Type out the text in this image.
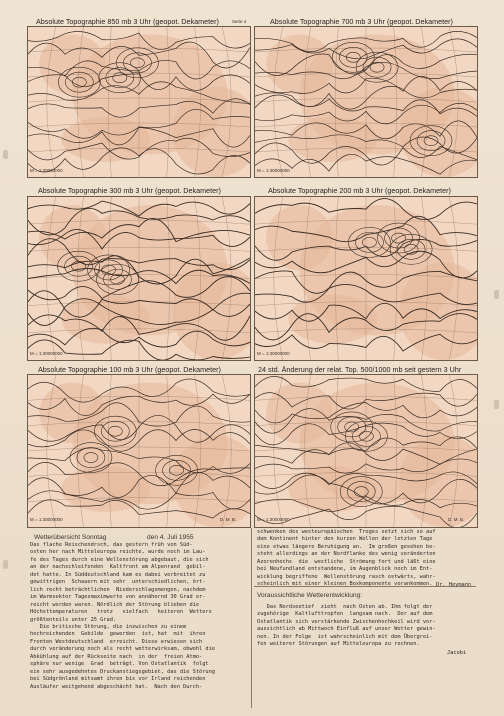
Absolute Topographie 850 mb 3 Uhr (geopot. Dekameter)	Serie 4
M = 1:30000000
Absolute Topographie 700 mb 3 Uhr (geopot. Dekameter)
M = 1:30000000
Absolute Topographie 300 mb 3 Uhr (geopot. Dekameter)
M = 1:30000000
Absolute Topographie 200 mb 3 Uhr (geopot. Dekameter)
M = 1:30000000
Absolute Topographie 100 mb 3 Uhr (geopot. Dekameter)
M = 1:30000000	D. M. B.
24 std. Änderung der relat. Top. 500/1000 mb seit gestern 3 Uhr
M = 1:30000000	D. M. B.
Wetterübersicht Sonntag	den 4. Juli 1955
Das flache Reischendrsch, das gestern früh von Süd-
osten her nach Mitteleuropa reichte, wurde noch im Lau-
fe des Tages durch eine Wellenstörung abgebaut, die sich
an der nachschleifenden  Kaltfront am Alpenrand  gebil-
det hatte. In Süddeutschland kam es dabei verbreitet zu
gewittrigen  Schauern mit sehr  unterschiedlichen, ört-
lich recht beträchtlichen  Niederschlagsmengen, nachdem
im Warmsektor Tagesmaximwerte von annähernd 30 Grad er-
reicht worden waren. Nördlich der Störung blieben die
Höchsttemperaturen   trotz   vielfach   heiteren  Wetters
größtenteils unter 25 Grad.
Die britische Störung, die inzwischen zu einem
hochreichenden  Gebilde  geworden  ist, hat  mit  ihren
Fronten Westdeutschland  erreicht. Diese erwiesen sich
durch veränderung noch als recht wetterwirksam, obwohl die
Abkühlung auf der Rückseite nach  in der  freien Atmo-
sphäre nur wenige  Grad  beträgt. Von Ostatlantik  folgt
ein sehr ausgedehntes Druckanstiegsgebiet, das die Störung
bei Südgrönland mitsamt ihren bis vor Irland reichenden
Ausläufer weitgehend abgeschächt hat.  Nach den Durch-
schwenken des westeuropäischen  Troges setzt sich so auf
dem Kontinent hinter den kurzen Wellen der letzten Tage
eine etwas längere Beruhigung an.  Im großen gesehen be-
steht allerdings an der Nordflanke des wenig veränderten
Azorenhochs  die  westliche  Strömung fort und läßt eine
bei Neufundland entstandene, im Augenblick noch im Ent-
wicklung begriffene  Wellenstörung rasch ostwärts, wahr-
scheinlich mit einer kleinen Boxkomponente vorankommen. Dr. Heymann
Voraussichtliche Wetterentwicklung:
Das Nordseetief  zieht  nach Osten ab. Ihm folgt der
zugehörige  Kaltlufttropfen  langsam nach.  Der auf dem
Ostatlantik sich verstärkende Zwischenhochkeil wird vor-
aussichtlich ab Mittwoch Einfluß auf unser Wetter gewin-
nen. In der Folge  ist wahrscheinlich mit dem Übergrei-
fen weiterer Störungen auf Mitteleuropa zu rechnen.
Jacobi
